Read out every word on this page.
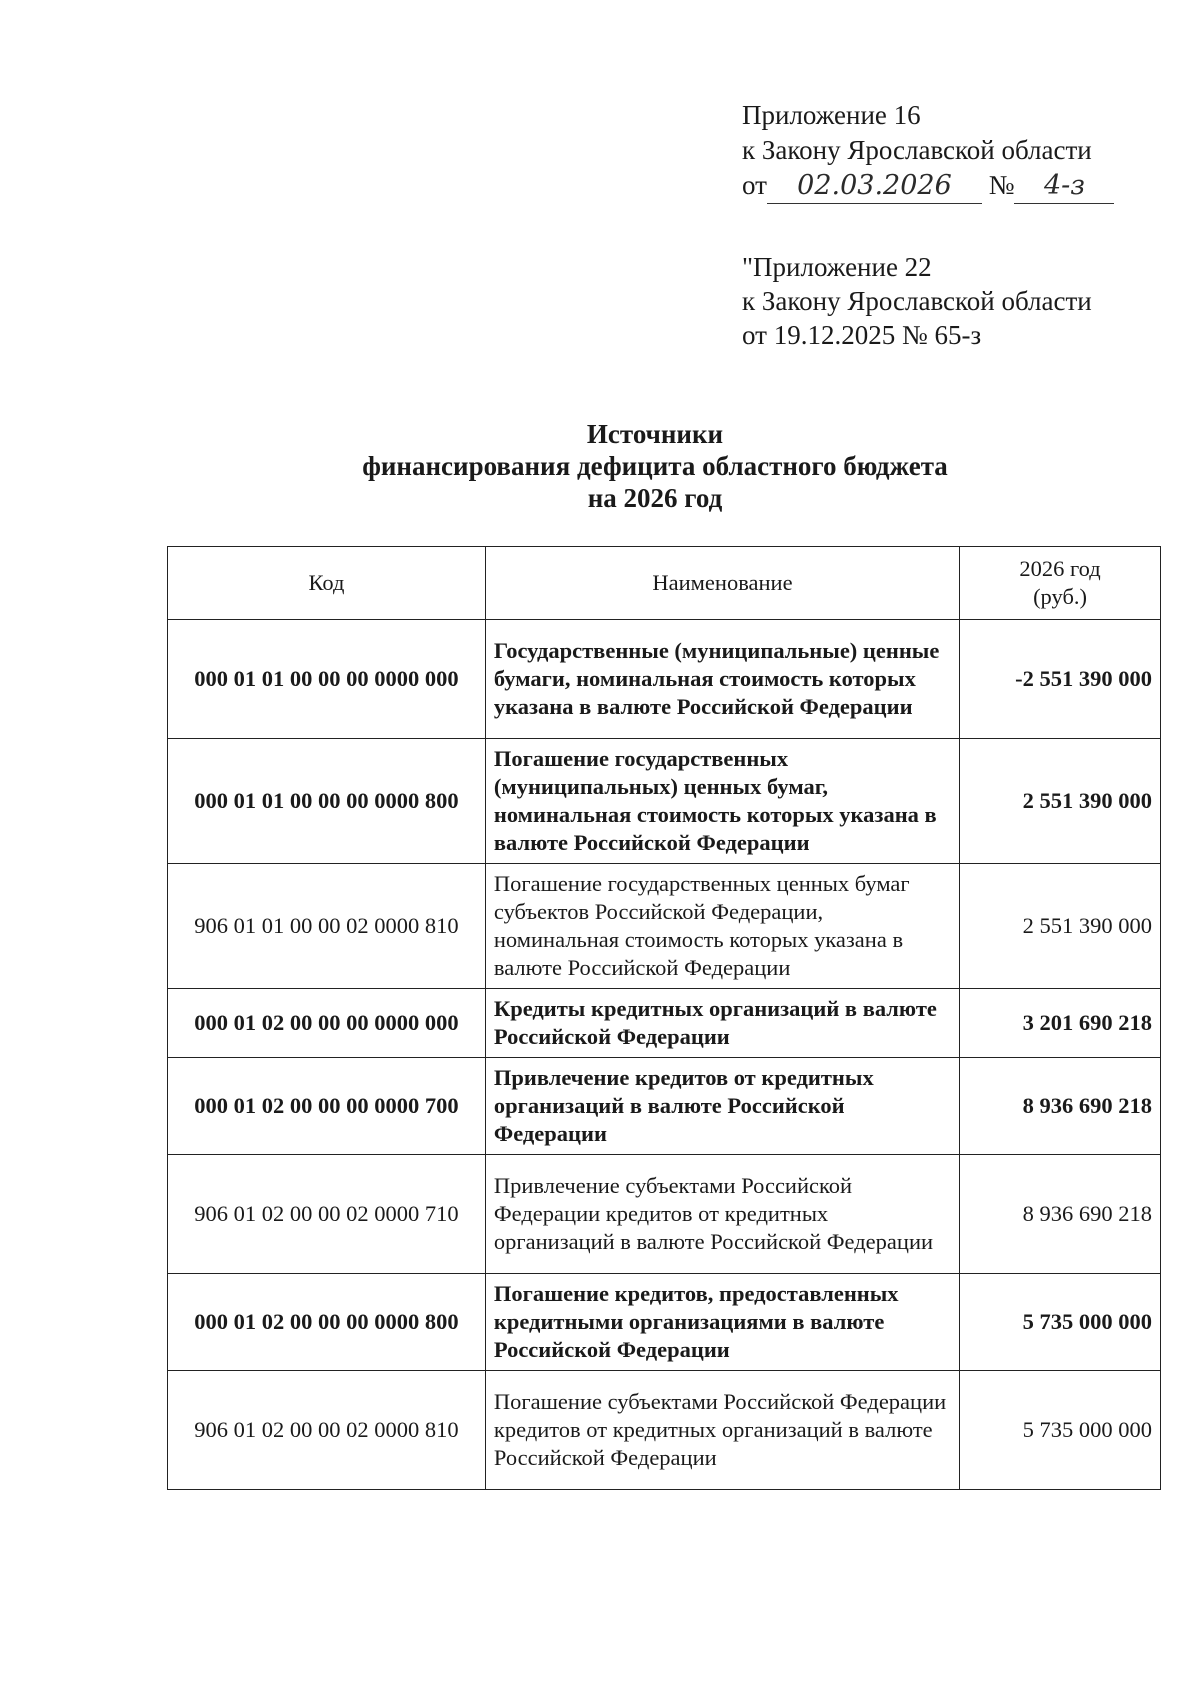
Приложение 16
к Закону Ярославской области
от 02.03.2026 № 4-з
"Приложение 22
к Закону Ярославской области
от 19.12.2025 № 65-з
Источники
финансирования дефицита областного бюджета
на 2026 год
Код	Наименование	2026 год
(руб.)

000 01 01 00 00 00 0000 000	Государственные (муниципальные) ценные бумаги, номинальная стоимость которых указана в валюте Российской Федерации	-2 551 390 000
000 01 01 00 00 00 0000 800	Погашение государственных (муниципальных) ценных бумаг, номинальная стоимость которых указана в валюте Российской Федерации	2 551 390 000
906 01 01 00 00 02 0000 810	Погашение государственных ценных бумаг субъектов Российской Федерации, номинальная стоимость которых указана в валюте Российской Федерации	2 551 390 000
000 01 02 00 00 00 0000 000	Кредиты кредитных организаций в валюте Российской Федерации	3 201 690 218
000 01 02 00 00 00 0000 700	Привлечение кредитов от кредитных организаций в валюте Российской Федерации	8 936 690 218
906 01 02 00 00 02 0000 710	Привлечение субъектами Российской Федерации кредитов от кредитных организаций в валюте Российской Федерации	8 936 690 218
000 01 02 00 00 00 0000 800	Погашение кредитов, предоставленных кредитными организациями в валюте Российской Федерации	5 735 000 000
906 01 02 00 00 02 0000 810	Погашение субъектами Российской Федерации кредитов от кредитных организаций в валюте Российской Федерации	5 735 000 000
